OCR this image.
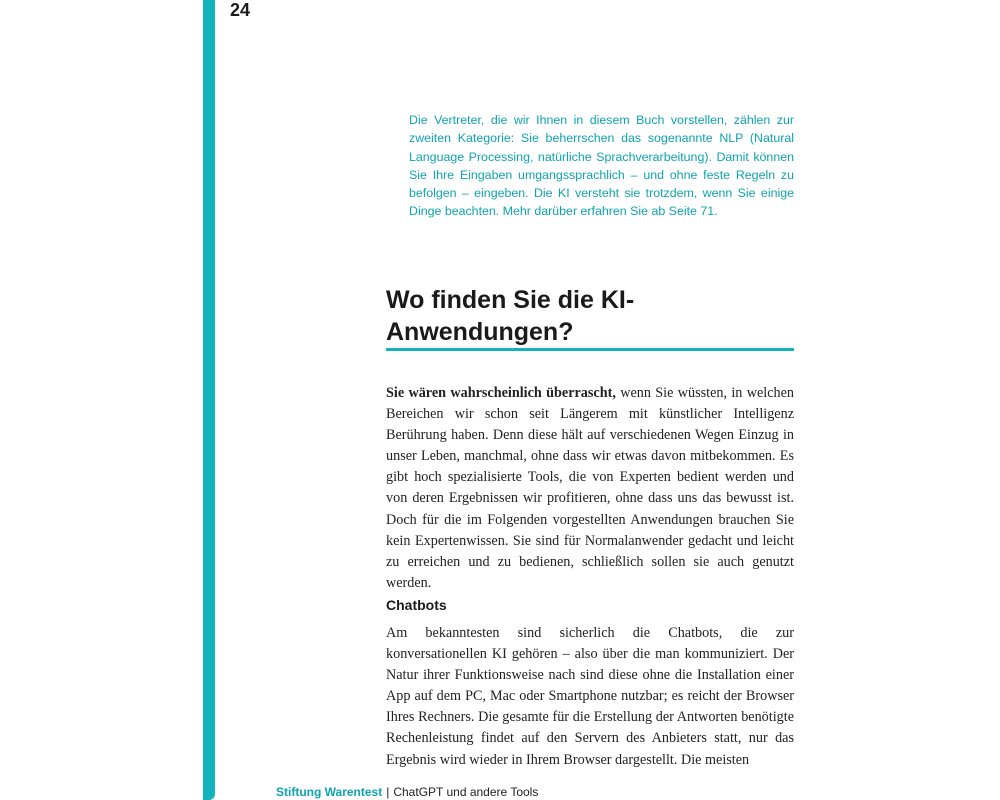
24

Die Vertreter, die wir Ihnen in diesem Buch vorstellen, zählen zur zweiten Kategorie: Sie beherrschen das sogenannte NLP (Natural Language Processing, natürliche Sprachverarbeitung). Damit können Sie Ihre Eingaben umgangssprachlich – und ohne feste Regeln zu befolgen – eingeben. Die KI versteht sie trotzdem, wenn Sie einige Dinge beachten. Mehr darüber erfahren Sie ab Seite 71.

Wo finden Sie die KI-Anwendungen?

Sie wären wahrscheinlich überrascht, wenn Sie wüssten, in welchen Bereichen wir schon seit Längerem mit künstlicher Intelligenz Berührung haben. Denn diese hält auf verschiedenen Wegen Einzug in unser Leben, manchmal, ohne dass wir etwas davon mitbekommen. Es gibt hoch spezialisierte Tools, die von Experten bedient werden und von deren Ergebnissen wir profitieren, ohne dass uns das bewusst ist. Doch für die im Folgenden vorgestellten Anwendungen brauchen Sie kein Expertenwissen. Sie sind für Normalanwender gedacht und leicht zu erreichen und zu bedienen, schließlich sollen sie auch genutzt werden.

Chatbots

Am bekanntesten sind sicherlich die Chatbots, die zur konversationellen KI gehören – also über die man kommuniziert. Der Natur ihrer Funktionsweise nach sind diese ohne die Installation einer App auf dem PC, Mac oder Smartphone nutzbar; es reicht der Browser Ihres Rechners. Die gesamte für die Erstellung der Antworten benötigte Rechenleistung findet auf den Servern des Anbieters statt, nur das Ergebnis wird wieder in Ihrem Browser dargestellt. Die meisten

Stiftung Warentest | ChatGPT und andere Tools
